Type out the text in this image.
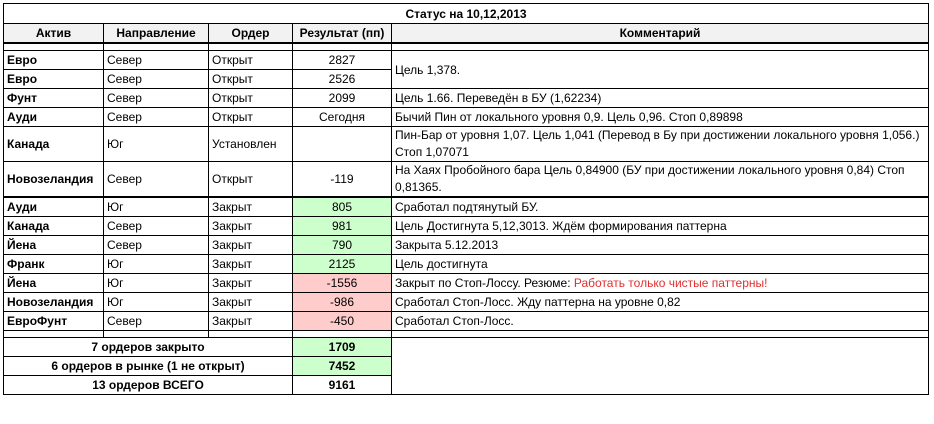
Статус на 10,12,2013				
Актив	Направление	Ордер	Результат (пп)	Комментарий

Евро	Север	Открыт	2827	Цель 1,378.
Евро	Север	Открыт	2526	
Фунт	Север	Открыт	2099	Цель 1.66. Переведён в БУ (1,62234)
Ауди	Север	Открыт	Сегодня	Бычий Пин от локального уровня 0,9. Цель 0,96. Стоп 0,89898
Канада	Юг	Установлен		Пин-Бар от уровня 1,07. Цель 1,041 (Перевод в Бу при достижении локального уровня 1,056.) Стоп 1,07071
Новозеландия	Север	Открыт	-119	На Хаях Пробойного бара Цель 0,84900 (БУ при достижении локального уровня 0,84) Стоп 0,81365.
Ауди	Юг	Закрыт	805	Сработал подтянутый БУ.
Канада	Север	Закрыт	981	Цель Достигнута 5,12,3013. Ждём формирования паттерна
Йена	Север	Закрыт	790	Закрыта 5.12.2013
Франк	Юг	Закрыт	2125	Цель достигнута
Йена	Юг	Закрыт	-1556	Закрыт по Стоп-Лоссу. Резюме: Работать только чистые паттерны!
Новозеландия	Юг	Закрыт	-986	Сработал Стоп-Лосс. Жду паттерна на уровне 0,82
ЕвроФунт	Север	Закрыт	-450	Сработал Стоп-Лосс.

7 ордеров закрыто			1709	
6 ордеров в рынке (1 не открыт)			7452	
13 ордеров ВСЕГО			9161	
